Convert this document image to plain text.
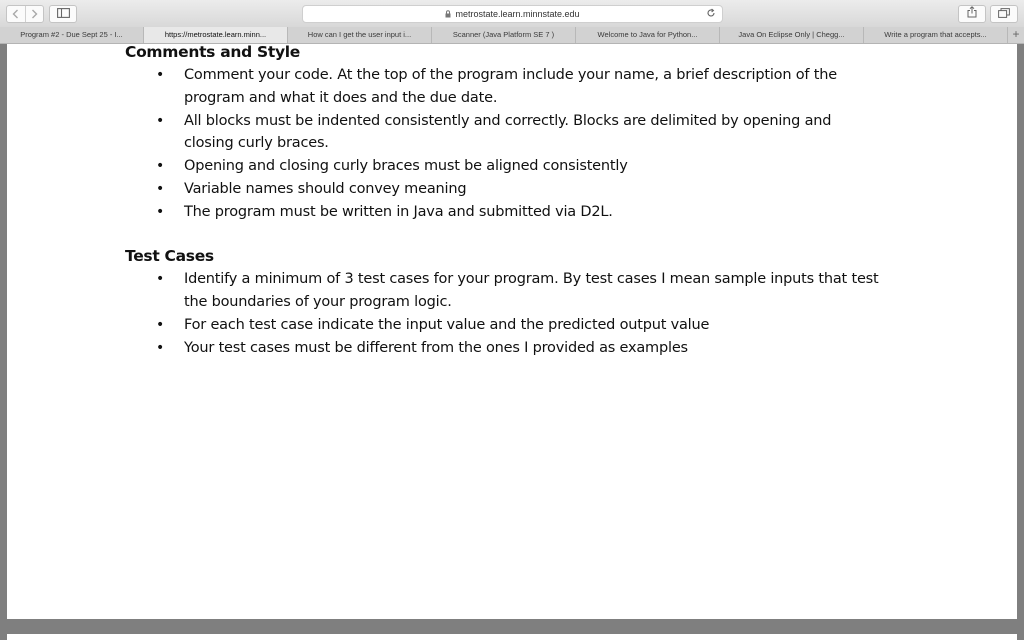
metrostate.learn.minnstate.edu
Program #2 - Due Sept 25 - I...	https://metrostate.learn.minn...	How can I get the user input i...	Scanner (Java Platform SE 7 )	Welcome to Java for Python...	Java On Eclipse Only | Chegg...	Write a program that accepts...	+
Comments and Style
• Comment your code. At the top of the program include your name, a brief description of the program and what it does and the due date.
• All blocks must be indented consistently and correctly. Blocks are delimited by opening and closing curly braces.
• Opening and closing curly braces must be aligned consistently
• Variable names should convey meaning
• The program must be written in Java and submitted via D2L.
Test Cases
• Identify a minimum of 3 test cases for your program. By test cases I mean sample inputs that test the boundaries of your program logic.
• For each test case indicate the input value and the predicted output value
• Your test cases must be different from the ones I provided as examples
